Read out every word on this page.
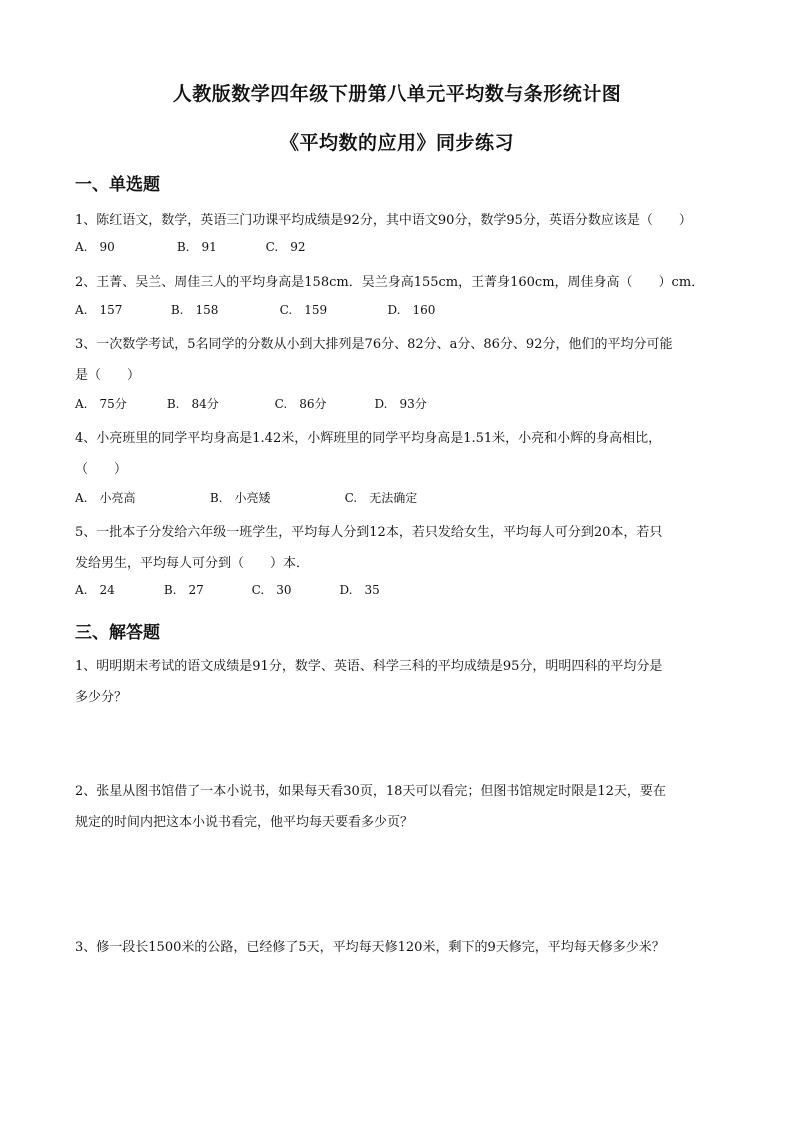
人教版数学四年级下册第八单元平均数与条形统计图
《平均数的应用》同步练习
一、单选题
1、陈红语文，数学，英语三门功课平均成绩是92分，其中语文90分，数学95分，英语分数应该是（　　）
A. 90	B. 91	C. 92
2、王菁、吴兰、周佳三人的平均身高是158cm．吴兰身高155cm，王菁身160cm，周佳身高（　　）cm．
A. 157	B. 158	C. 159	D. 160
3、一次数学考试，5名同学的分数从小到大排列是76分、82分、a分、86分、92分，他们的平均分可能
是（　　）
A. 75分	B. 84分	C. 86分	D. 93分
4、小亮班里的同学平均身高是1.42米，小辉班里的同学平均身高是1.51米，小亮和小辉的身高相比，
（　　）
A. 小亮高	B. 小亮矮	C. 无法确定
5、一批本子分发给六年级一班学生，平均每人分到12本，若只发给女生，平均每人可分到20本，若只
发给男生，平均每人可分到（　　）本．
A. 24	B. 27	C. 30	D. 35
三、解答题
1、明明期末考试的语文成绩是91分，数学、英语、科学三科的平均成绩是95分，明明四科的平均分是
多少分？
2、张星从图书馆借了一本小说书，如果每天看30页，18天可以看完；但图书馆规定时限是12天，要在
规定的时间内把这本小说书看完，他平均每天要看多少页？
3、修一段长1500米的公路，已经修了5天，平均每天修120米，剩下的9天修完，平均每天修多少米？
